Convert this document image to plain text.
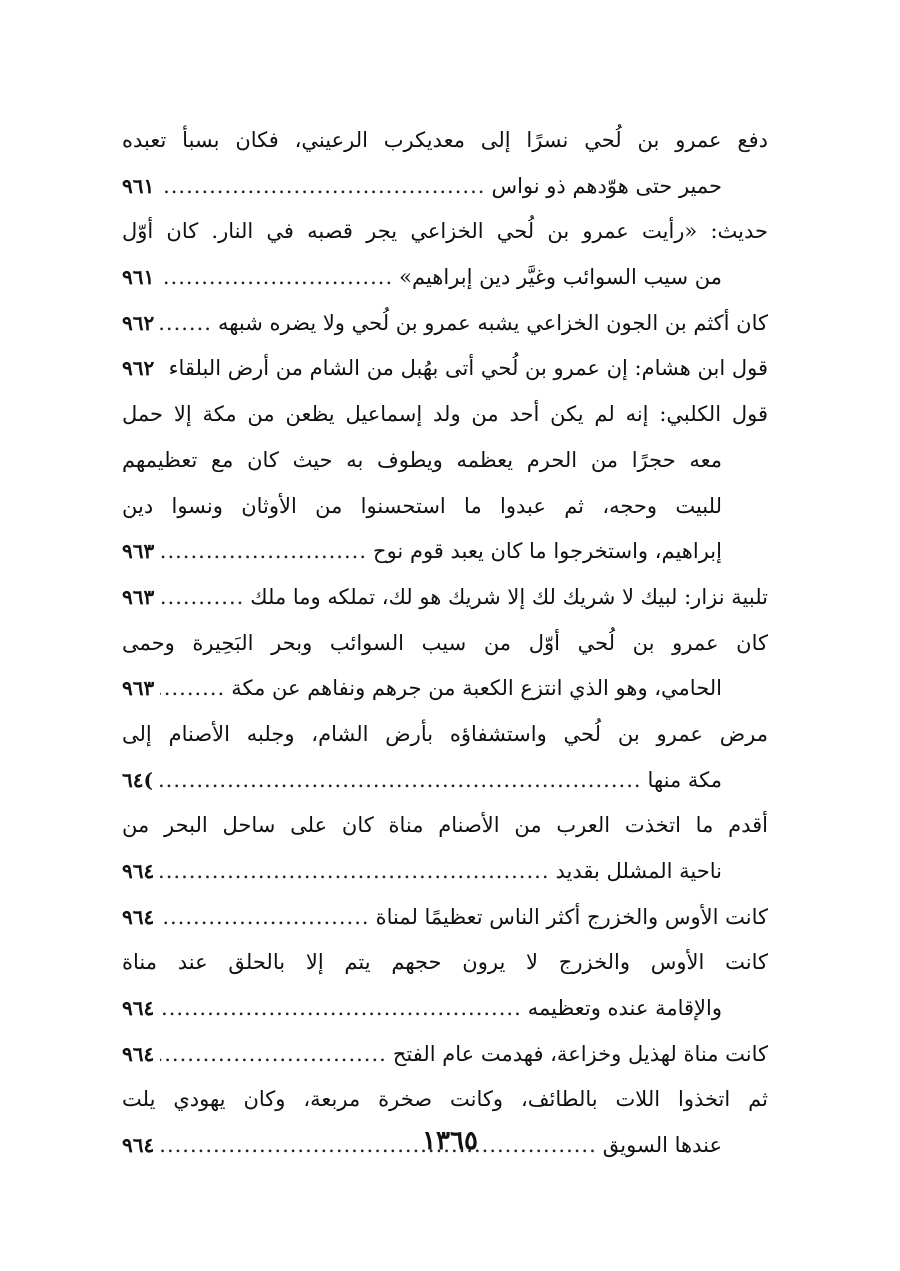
دفع عمرو بن لُحي نسرًا إلى معديكرب الرعيني، فكان بسبأ تعبده
حمير حتى هوّدهم ذو نواس
.....
٩٦١
حديث: «رأيت عمرو بن لُحي الخزاعي يجر قصبه في النار. كان أوّل
من سيب السوائب وغيَّر دين إبراهيم»
.....
٩٦١
كان أكثم بن الجون الخزاعي يشبه عمرو بن لُحي ولا يضره شبهه
.....
٩٦٢
قول ابن هشام: إن عمرو بن لُحي أتى بهُبل من الشام من أرض البلقاء
.....
٩٦٢
قول الكلبي: إنه لم يكن أحد من ولد إسماعيل يظعن من مكة إلا حمل
معه حجرًا من الحرم يعظمه ويطوف به حيث كان مع تعظيمهم
للبيت وحجه، ثم عبدوا ما استحسنوا من الأوثان ونسوا دين
إبراهيم، واستخرجوا ما كان يعبد قوم نوح
.....
٩٦٣
تلبية نزار: لبيك لا شريك لك إلا شريك هو لك، تملكه وما ملك
.....
٩٦٣
كان عمرو بن لُحي أوّل من سيب السوائب وبحر البَحِيرة وحمى
الحامي، وهو الذي انتزع الكعبة من جرهم ونفاهم عن مكة
.....
٩٦٣
مرض عمرو بن لُحي واستشفاؤه بأرض الشام، وجلبه الأصنام إلى
مكة منها
.....
)٦٤
أقدم ما اتخذت العرب من الأصنام مناة كان على ساحل البحر من
ناحية المشلل بقديد
.....
٩٦٤
كانت الأوس والخزرج أكثر الناس تعظيمًا لمناة
.....
٩٦٤
كانت الأوس والخزرج لا يرون حجهم يتم إلا بالحلق عند مناة
والإقامة عنده وتعظيمه
.....
٩٦٤
كانت مناة لهذيل وخزاعة، فهدمت عام الفتح
.....
٩٦٤
ثم اتخذوا اللات بالطائف، وكانت صخرة مربعة، وكان يهودي يلت
عندها السويق
.....
٩٦٤	١٣٦٥
